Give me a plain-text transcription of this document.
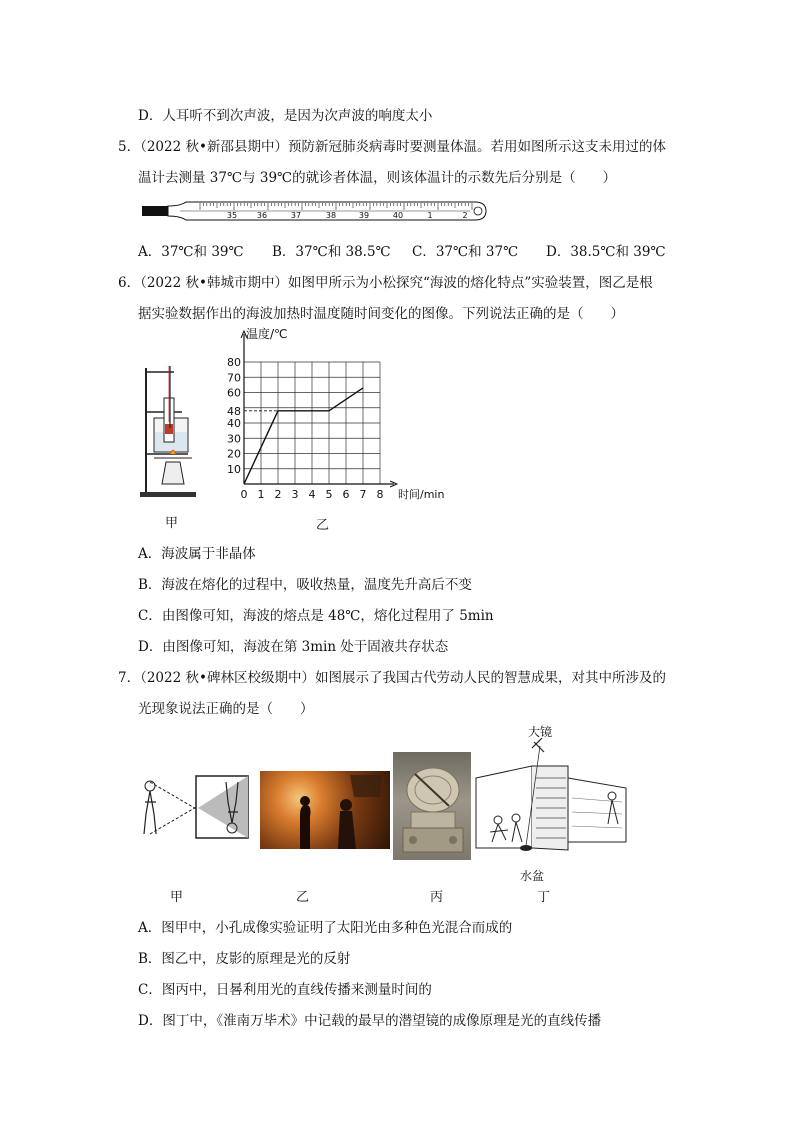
D．人耳听不到次声波，是因为次声波的响度太小
5．（2022 秋•新邵县期中）预防新冠肺炎病毒时要测量体温。若用如图所示这支未用过的体
温计去测量 37℃与 39℃的就诊者体温，则该体温计的示数先后分别是（　　）
35 36	37	38	39	40	1	2
A．37℃和 39℃ B．37℃和 38.5℃ C．37℃和 37℃ D．38.5℃和 39℃
6．（2022 秋•韩城市期中）如图甲所示为小松探究“海波的熔化特点”实验装置，图乙是根
据实验数据作出的海波加热时温度随时间变化的图像。下列说法正确的是（　　）
甲
0 1 2 3 4 5 6 7 8
10
20
30
40
48
60
70
80
温度/℃
时间/min
乙
A．海波属于非晶体
B．海波在熔化的过程中，吸收热量，温度先升高后不变
C．由图像可知，海波的熔点是 48℃，熔化过程用了 5min
D．由图像可知，海波在第 3min 处于固液共存状态
7．（2022 秋•碑林区校级期中）如图展示了我国古代劳动人民的智慧成果，对其中所涉及的
光现象说法正确的是（　　）
甲	乙	丙
大镜
水盆
丁
A．图甲中，小孔成像实验证明了太阳光由多种色光混合而成的
B．图乙中，皮影的原理是光的反射
C．图丙中，日晷利用光的直线传播来测量时间的
D．图丁中，《淮南万毕术》中记载的最早的潜望镜的成像原理是光的直线传播
